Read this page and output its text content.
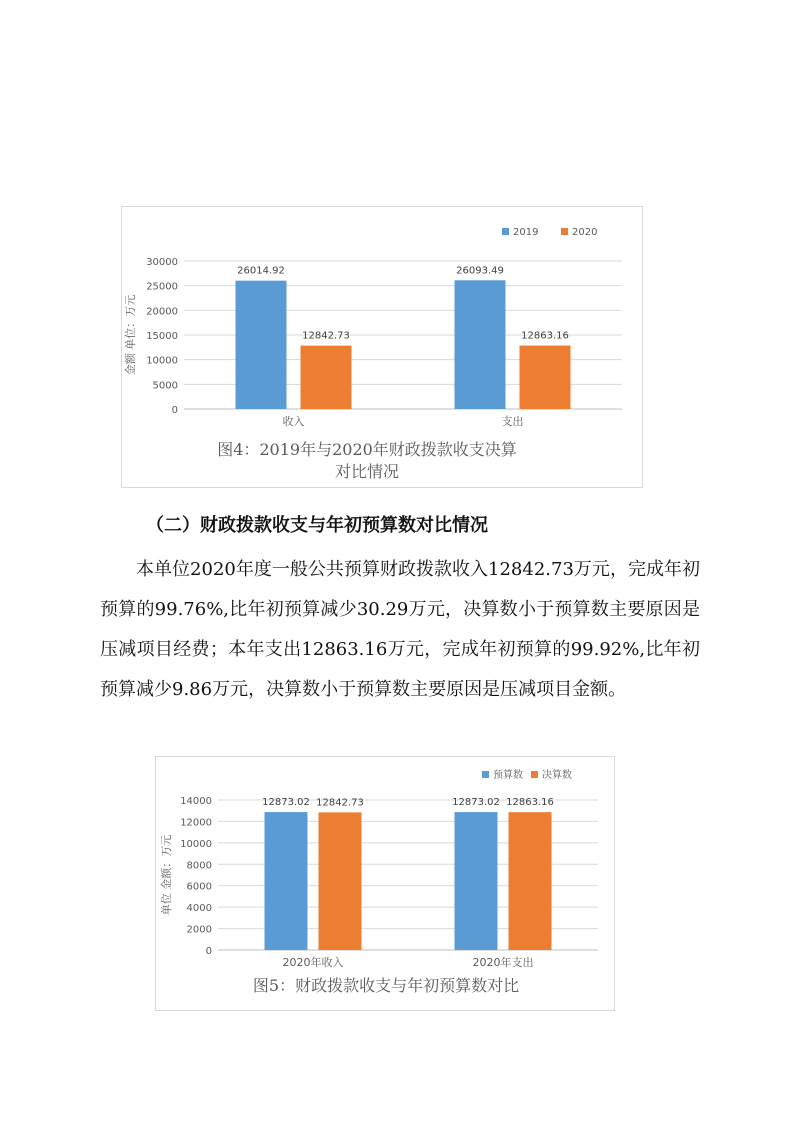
0
5000
10000
15000
20000
25000
30000
金额 单位：万元
收入
26014.92
12842.73
支出
26093.49
12863.16
2019	2020
图4：2019年与2020年财政拨款收支决算
对比情况
（二）财政拨款收支与年初预算数对比情况

本单位2020年度一般公共预算财政拨款收入12842.73万元，完成年初预算的99.76%,比年初预算减少30.29万元，决算数小于预算数主要原因是压减项目经费；本年支出12863.16万元，完成年初预算的99.92%,比年初预算减少9.86万元，决算数小于预算数主要原因是压减项目金额。

0
2000
4000
6000
8000
10000
12000
14000
单位 金额：万元
2020年收入
12873.02 12842.73
2020年支出
12873.02 12863.16
预算数 决算数
图5：财政拨款收支与年初预算数对比
